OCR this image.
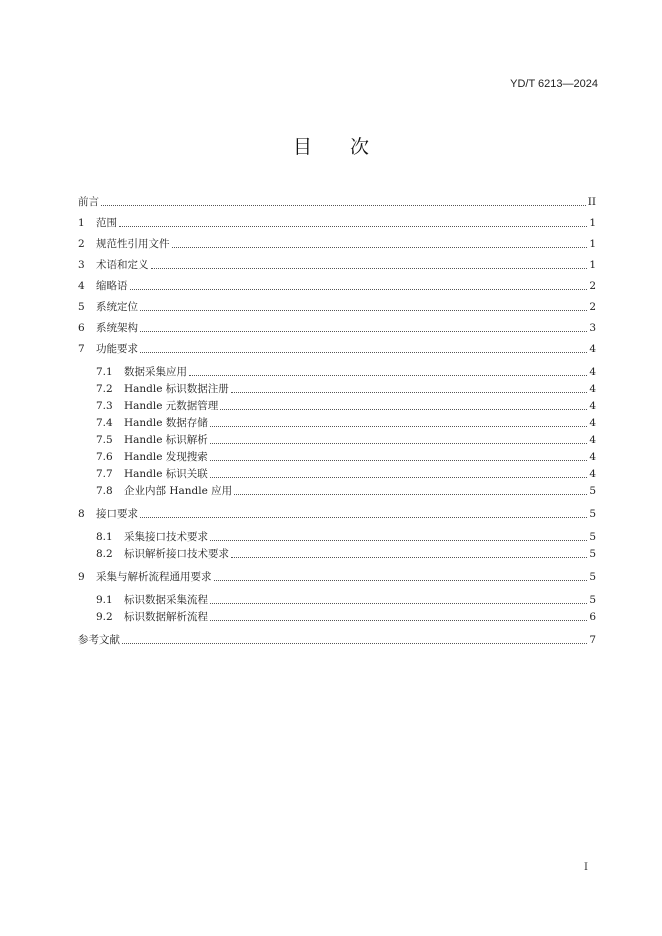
YD/T 6213—2024
目次
前言	II
1	范围	1
2	规范性引用文件	1
3	术语和定义	1
4	缩略语	2
5	系统定位	2
6	系统架构	3
7	功能要求	4
7.1	数据采集应用	4
7.2	Handle 标识数据注册	4
7.3	Handle 元数据管理	4
7.4	Handle 数据存储	4
7.5	Handle 标识解析	4
7.6	Handle 发现搜索	4
7.7	Handle 标识关联	4
7.8	企业内部 Handle 应用	5
8	接口要求	5
8.1	采集接口技术要求	5
8.2	标识解析接口技术要求	5
9	采集与解析流程通用要求	5
9.1	标识数据采集流程	5
9.2	标识数据解析流程	6
参考文献	7
I
